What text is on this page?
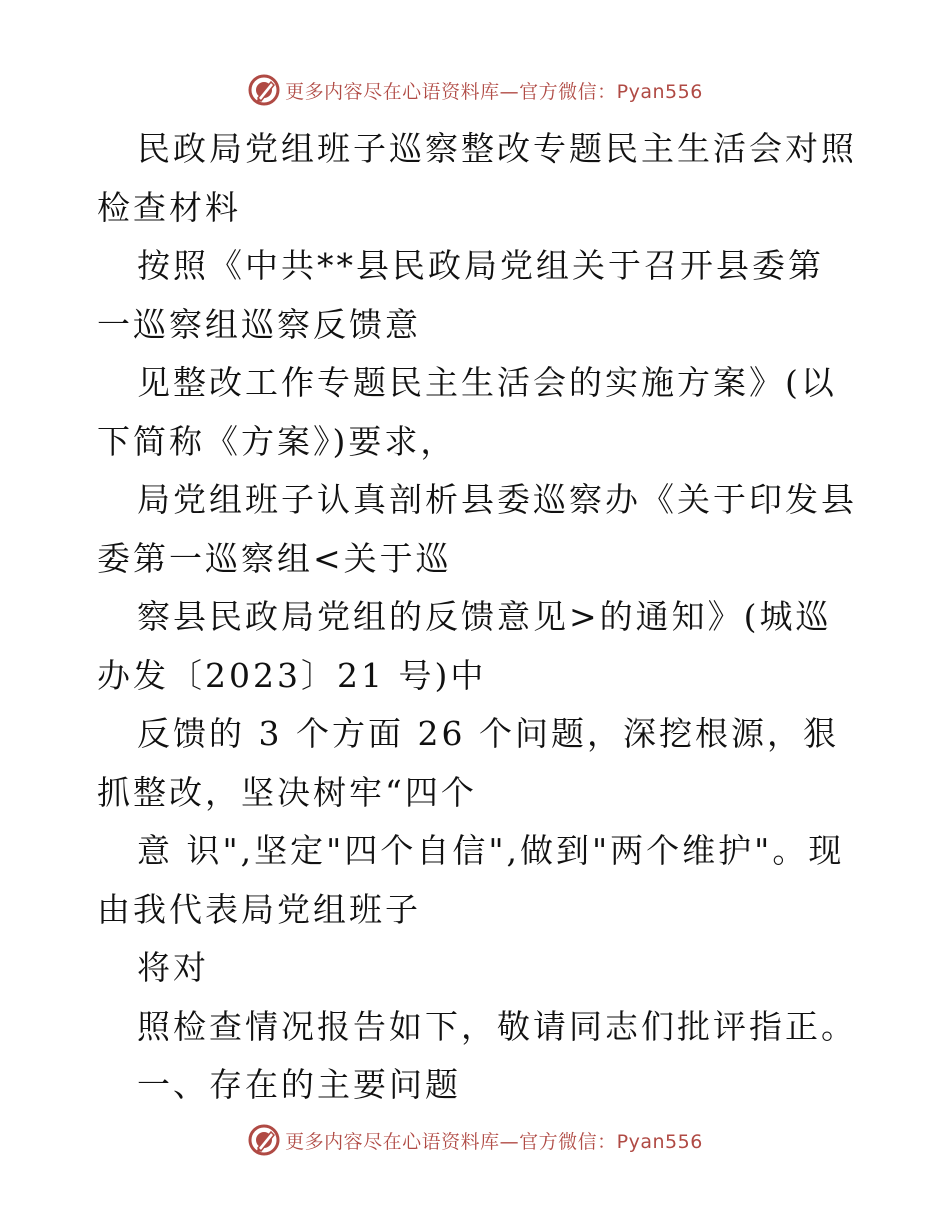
更多内容尽在心语资料库—官方微信：Pyan556

民政局党组班子巡察整改专题民主生活会对照检查材料

按照《中共**县民政局党组关于召开县委第一巡察组巡察反馈意

见整改工作专题民主生活会的实施方案》(以下简称《方案》)要求，

局党组班子认真剖析县委巡察办《关于印发县委第一巡察组<关于巡

察县民政局党组的反馈意见>的通知》(城巡办发〔2023〕21 号)中

反馈的 3 个方面 26 个问题，深挖根源，狠抓整改，坚决树牢“四个

意 识",坚定"四个自信",做到"两个维护"。现由我代表局党组班子

将对

照检查情况报告如下，敬请同志们批评指正。

一、存在的主要问题

更多内容尽在心语资料库—官方微信：Pyan556
